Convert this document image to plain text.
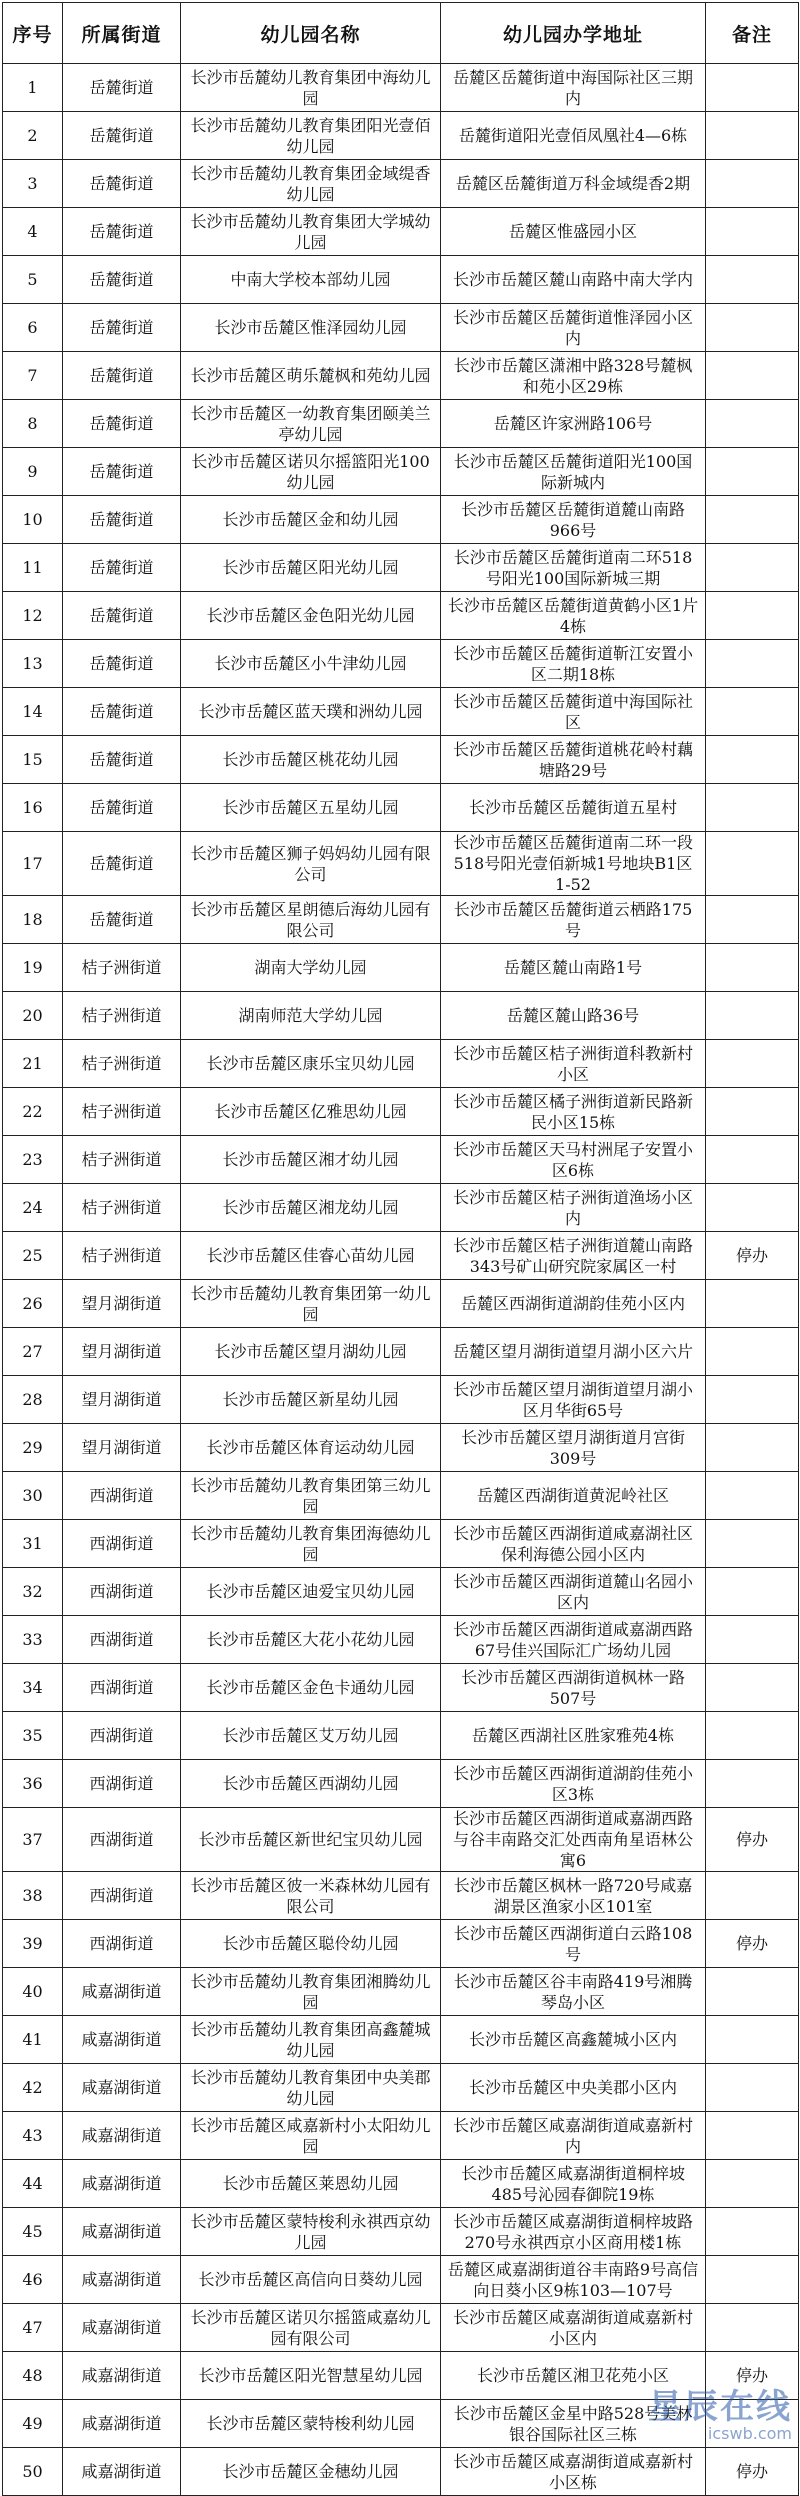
序号	所属街道	幼儿园名称	幼儿园办学地址	备注
1	岳麓街道	长沙市岳麓幼儿教育集团中海幼儿园	岳麓区岳麓街道中海国际社区三期内	
2	岳麓街道	长沙市岳麓幼儿教育集团阳光壹佰幼儿园	岳麓街道阳光壹佰凤凰社4—6栋	
3	岳麓街道	长沙市岳麓幼儿教育集团金域缇香幼儿园	岳麓区岳麓街道万科金域缇香2期	
4	岳麓街道	长沙市岳麓幼儿教育集团大学城幼儿园	岳麓区惟盛园小区	
5	岳麓街道	中南大学校本部幼儿园	长沙市岳麓区麓山南路中南大学内	
6	岳麓街道	长沙市岳麓区惟泽园幼儿园	长沙市岳麓区岳麓街道惟泽园小区内	
7	岳麓街道	长沙市岳麓区萌乐麓枫和苑幼儿园	长沙市岳麓区潇湘中路328号麓枫和苑小区29栋	
8	岳麓街道	长沙市岳麓区一幼教育集团颐美兰亭幼儿园	岳麓区许家洲路106号	
9	岳麓街道	长沙市岳麓区诺贝尔摇篮阳光100幼儿园	长沙市岳麓区岳麓街道阳光100国际新城内	
10	岳麓街道	长沙市岳麓区金和幼儿园	长沙市岳麓区岳麓街道麓山南路966号	
11	岳麓街道	长沙市岳麓区阳光幼儿园	长沙市岳麓区岳麓街道南二环518号阳光100国际新城三期	
12	岳麓街道	长沙市岳麓区金色阳光幼儿园	长沙市岳麓区岳麓街道黄鹤小区1片4栋	
13	岳麓街道	长沙市岳麓区小牛津幼儿园	长沙市岳麓区岳麓街道靳江安置小区二期18栋	
14	岳麓街道	长沙市岳麓区蓝天璞和洲幼儿园	长沙市岳麓区岳麓街道中海国际社区	
15	岳麓街道	长沙市岳麓区桃花幼儿园	长沙市岳麓区岳麓街道桃花岭村藕塘路29号	
16	岳麓街道	长沙市岳麓区五星幼儿园	长沙市岳麓区岳麓街道五星村	
17	岳麓街道	长沙市岳麓区狮子妈妈幼儿园有限公司	长沙市岳麓区岳麓街道南二环一段518号阳光壹佰新城1号地块B1区1-52	
18	岳麓街道	长沙市岳麓区星朗德后海幼儿园有限公司	长沙市岳麓区岳麓街道云栖路175号	
19	桔子洲街道	湖南大学幼儿园	岳麓区麓山南路1号	
20	桔子洲街道	湖南师范大学幼儿园	岳麓区麓山路36号	
21	桔子洲街道	长沙市岳麓区康乐宝贝幼儿园	长沙市岳麓区桔子洲街道科教新村小区	
22	桔子洲街道	长沙市岳麓区亿雅思幼儿园	长沙市岳麓区橘子洲街道新民路新民小区15栋	
23	桔子洲街道	长沙市岳麓区湘才幼儿园	长沙市岳麓区天马村洲尾子安置小区6栋	
24	桔子洲街道	长沙市岳麓区湘龙幼儿园	长沙市岳麓区桔子洲街道渔场小区内	
25	桔子洲街道	长沙市岳麓区佳睿心苗幼儿园	长沙市岳麓区桔子洲街道麓山南路343号矿山研究院家属区一村	停办
26	望月湖街道	长沙市岳麓幼儿教育集团第一幼儿园	岳麓区西湖街道湖韵佳苑小区内	
27	望月湖街道	长沙市岳麓区望月湖幼儿园	岳麓区望月湖街道望月湖小区六片	
28	望月湖街道	长沙市岳麓区新星幼儿园	长沙市岳麓区望月湖街道望月湖小区月华街65号	
29	望月湖街道	长沙市岳麓区体育运动幼儿园	长沙市岳麓区望月湖街道月宫街309号	
30	西湖街道	长沙市岳麓幼儿教育集团第三幼儿园	岳麓区西湖街道黄泥岭社区	
31	西湖街道	长沙市岳麓幼儿教育集团海德幼儿园	长沙市岳麓区西湖街道咸嘉湖社区保利海德公园小区内	
32	西湖街道	长沙市岳麓区迪爱宝贝幼儿园	长沙市岳麓区西湖街道麓山名园小区内	
33	西湖街道	长沙市岳麓区大花小花幼儿园	长沙市岳麓区西湖街道咸嘉湖西路67号佳兴国际汇广场幼儿园	
34	西湖街道	长沙市岳麓区金色卡通幼儿园	长沙市岳麓区西湖街道枫林一路507号	
35	西湖街道	长沙市岳麓区艾万幼儿园	岳麓区西湖社区胜家雅苑4栋	
36	西湖街道	长沙市岳麓区西湖幼儿园	长沙市岳麓区西湖街道湖韵佳苑小区3栋	
37	西湖街道	长沙市岳麓区新世纪宝贝幼儿园	长沙市岳麓区西湖街道咸嘉湖西路与谷丰南路交汇处西南角星语林公寓6	停办
38	西湖街道	长沙市岳麓区彼一米森林幼儿园有限公司	长沙市岳麓区枫林一路720号咸嘉湖景区渔家小区101室	
39	西湖街道	长沙市岳麓区聪伶幼儿园	长沙市岳麓区西湖街道白云路108号	停办
40	咸嘉湖街道	长沙市岳麓幼儿教育集团湘腾幼儿园	长沙市岳麓区谷丰南路419号湘腾琴岛小区	
41	咸嘉湖街道	长沙市岳麓幼儿教育集团高鑫麓城幼儿园	长沙市岳麓区高鑫麓城小区内	
42	咸嘉湖街道	长沙市岳麓幼儿教育集团中央美郡幼儿园	长沙市岳麓区中央美郡小区内	
43	咸嘉湖街道	长沙市岳麓区咸嘉新村小太阳幼儿园	长沙市岳麓区咸嘉湖街道咸嘉新村内	
44	咸嘉湖街道	长沙市岳麓区莱恩幼儿园	长沙市岳麓区咸嘉湖街道桐梓坡485号沁园春御院19栋	
45	咸嘉湖街道	长沙市岳麓区蒙特梭利永祺西京幼儿园	长沙市岳麓区咸嘉湖街道桐梓坡路270号永祺西京小区商用楼1栋	
46	咸嘉湖街道	长沙市岳麓区高信向日葵幼儿园	岳麓区咸嘉湖街道谷丰南路9号高信向日葵小区9栋103—107号	
47	咸嘉湖街道	长沙市岳麓区诺贝尔摇篮咸嘉幼儿园有限公司	长沙市岳麓区咸嘉湖街道咸嘉新村小区内	
48	咸嘉湖街道	长沙市岳麓区阳光智慧星幼儿园	长沙市岳麓区湘卫花苑小区	停办
49	咸嘉湖街道	长沙市岳麓区蒙特梭利幼儿园	长沙市岳麓区金星中路528号美林银谷国际社区三栋	
50	咸嘉湖街道	长沙市岳麓区金穗幼儿园	长沙市岳麓区咸嘉湖街道咸嘉新村小区栋	停办
星辰在线
icswb.com
